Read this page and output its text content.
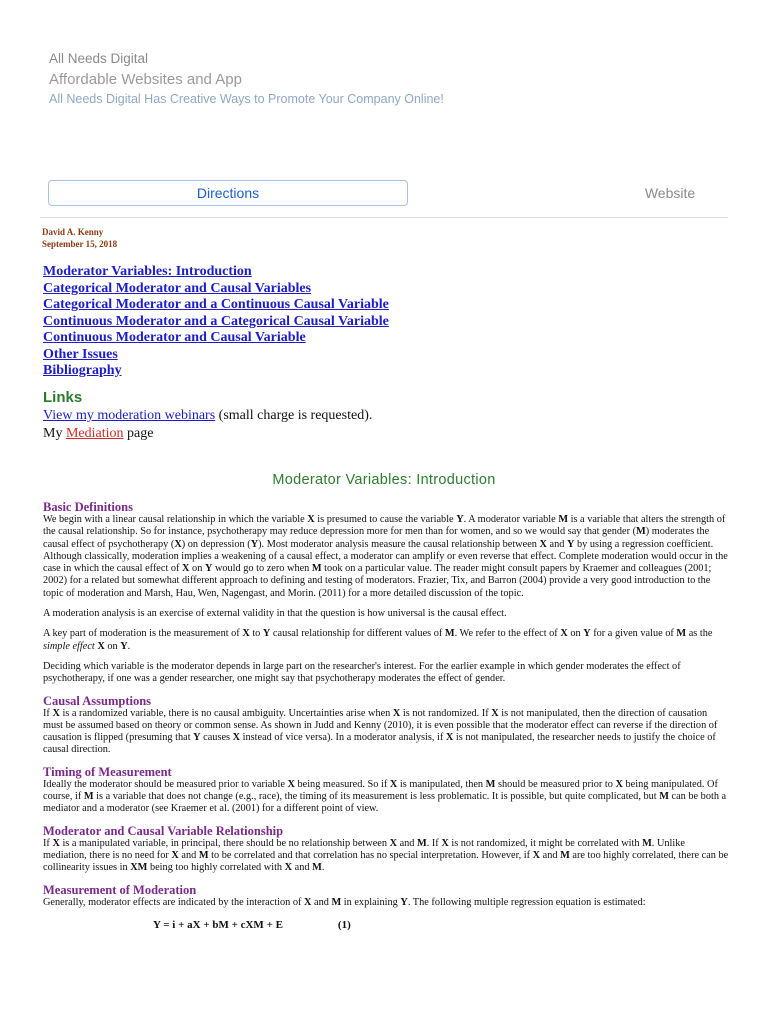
All Needs Digital
Affordable Websites and App
All Needs Digital Has Creative Ways to Promote Your Company Online!
Directions	Website
David A. Kenny
September 15, 2018
Moderator Variables: Introduction
Categorical Moderator and Causal Variables
Categorical Moderator and a Continuous Causal Variable
Continuous Moderator and a Categorical Causal Variable
Continuous Moderator and Causal Variable
Other Issues
Bibliography
Links
View my moderation webinars (small charge is requested).
My Mediation page
Moderator Variables: Introduction
Basic Definitions

We begin with a linear causal relationship in which the variable X is presumed to cause the variable Y. A moderator variable M is a variable that alters the strength of the causal relationship. So for instance, psychotherapy may reduce depression more for men than for women, and so we would say that gender (M) moderates the causal effect of psychotherapy (X) on depression (Y). Most moderator analysis measure the causal relationship between X and Y by using a regression coefficient. Although classically, moderation implies a weakening of a causal effect, a moderator can amplify or even reverse that effect. Complete moderation would occur in the case in which the causal effect of X on Y would go to zero when M took on a particular value. The reader might consult papers by Kraemer and colleagues (2001; 2002) for a related but somewhat different approach to defining and testing of moderators. Frazier, Tix, and Barron (2004) provide a very good introduction to the topic of moderation and Marsh, Hau, Wen, Nagengast, and Morin. (2011) for a more detailed discussion of the topic.

A moderation analysis is an exercise of external validity in that the question is how universal is the causal effect.

A key part of moderation is the measurement of X to Y causal relationship for different values of M. We refer to the effect of X on Y for a given value of M as the simple effect X on Y.

Deciding which variable is the moderator depends in large part on the researcher's interest. For the earlier example in which gender moderates the effect of psychotherapy, if one was a gender researcher, one might say that psychotherapy moderates the effect of gender.

Causal Assumptions

If X is a randomized variable, there is no causal ambiguity. Uncertainties arise when X is not randomized. If X is not manipulated, then the direction of causation must be assumed based on theory or common sense. As shown in Judd and Kenny (2010), it is even possible that the moderator effect can reverse if the direction of causation is flipped (presuming that Y causes X instead of vice versa). In a moderator analysis, if X is not manipulated, the researcher needs to justify the choice of causal direction.

Timing of Measurement

Ideally the moderator should be measured prior to variable X being measured. So if X is manipulated, then M should be measured prior to X being manipulated. Of course, if M is a variable that does not change (e.g., race), the timing of its measurement is less problematic. It is possible, but quite complicated, but M can be both a mediator and a moderator (see Kraemer et al. (2001) for a different point of view.

Moderator and Causal Variable Relationship

If X is a manipulated variable, in principal, there should be no relationship between X and M. If X is not randomized, it might be correlated with M. Unlike mediation, there is no need for X and M to be correlated and that correlation has no special interpretation. However, if X and M are too highly correlated, there can be collinearity issues in XM being too highly correlated with X and M.

Measurement of Moderation

Generally, moderator effects are indicated by the interaction of X and M in explaining Y. The following multiple regression equation is estimated:

Y = i + aX + bM + cXM + E	(1)
